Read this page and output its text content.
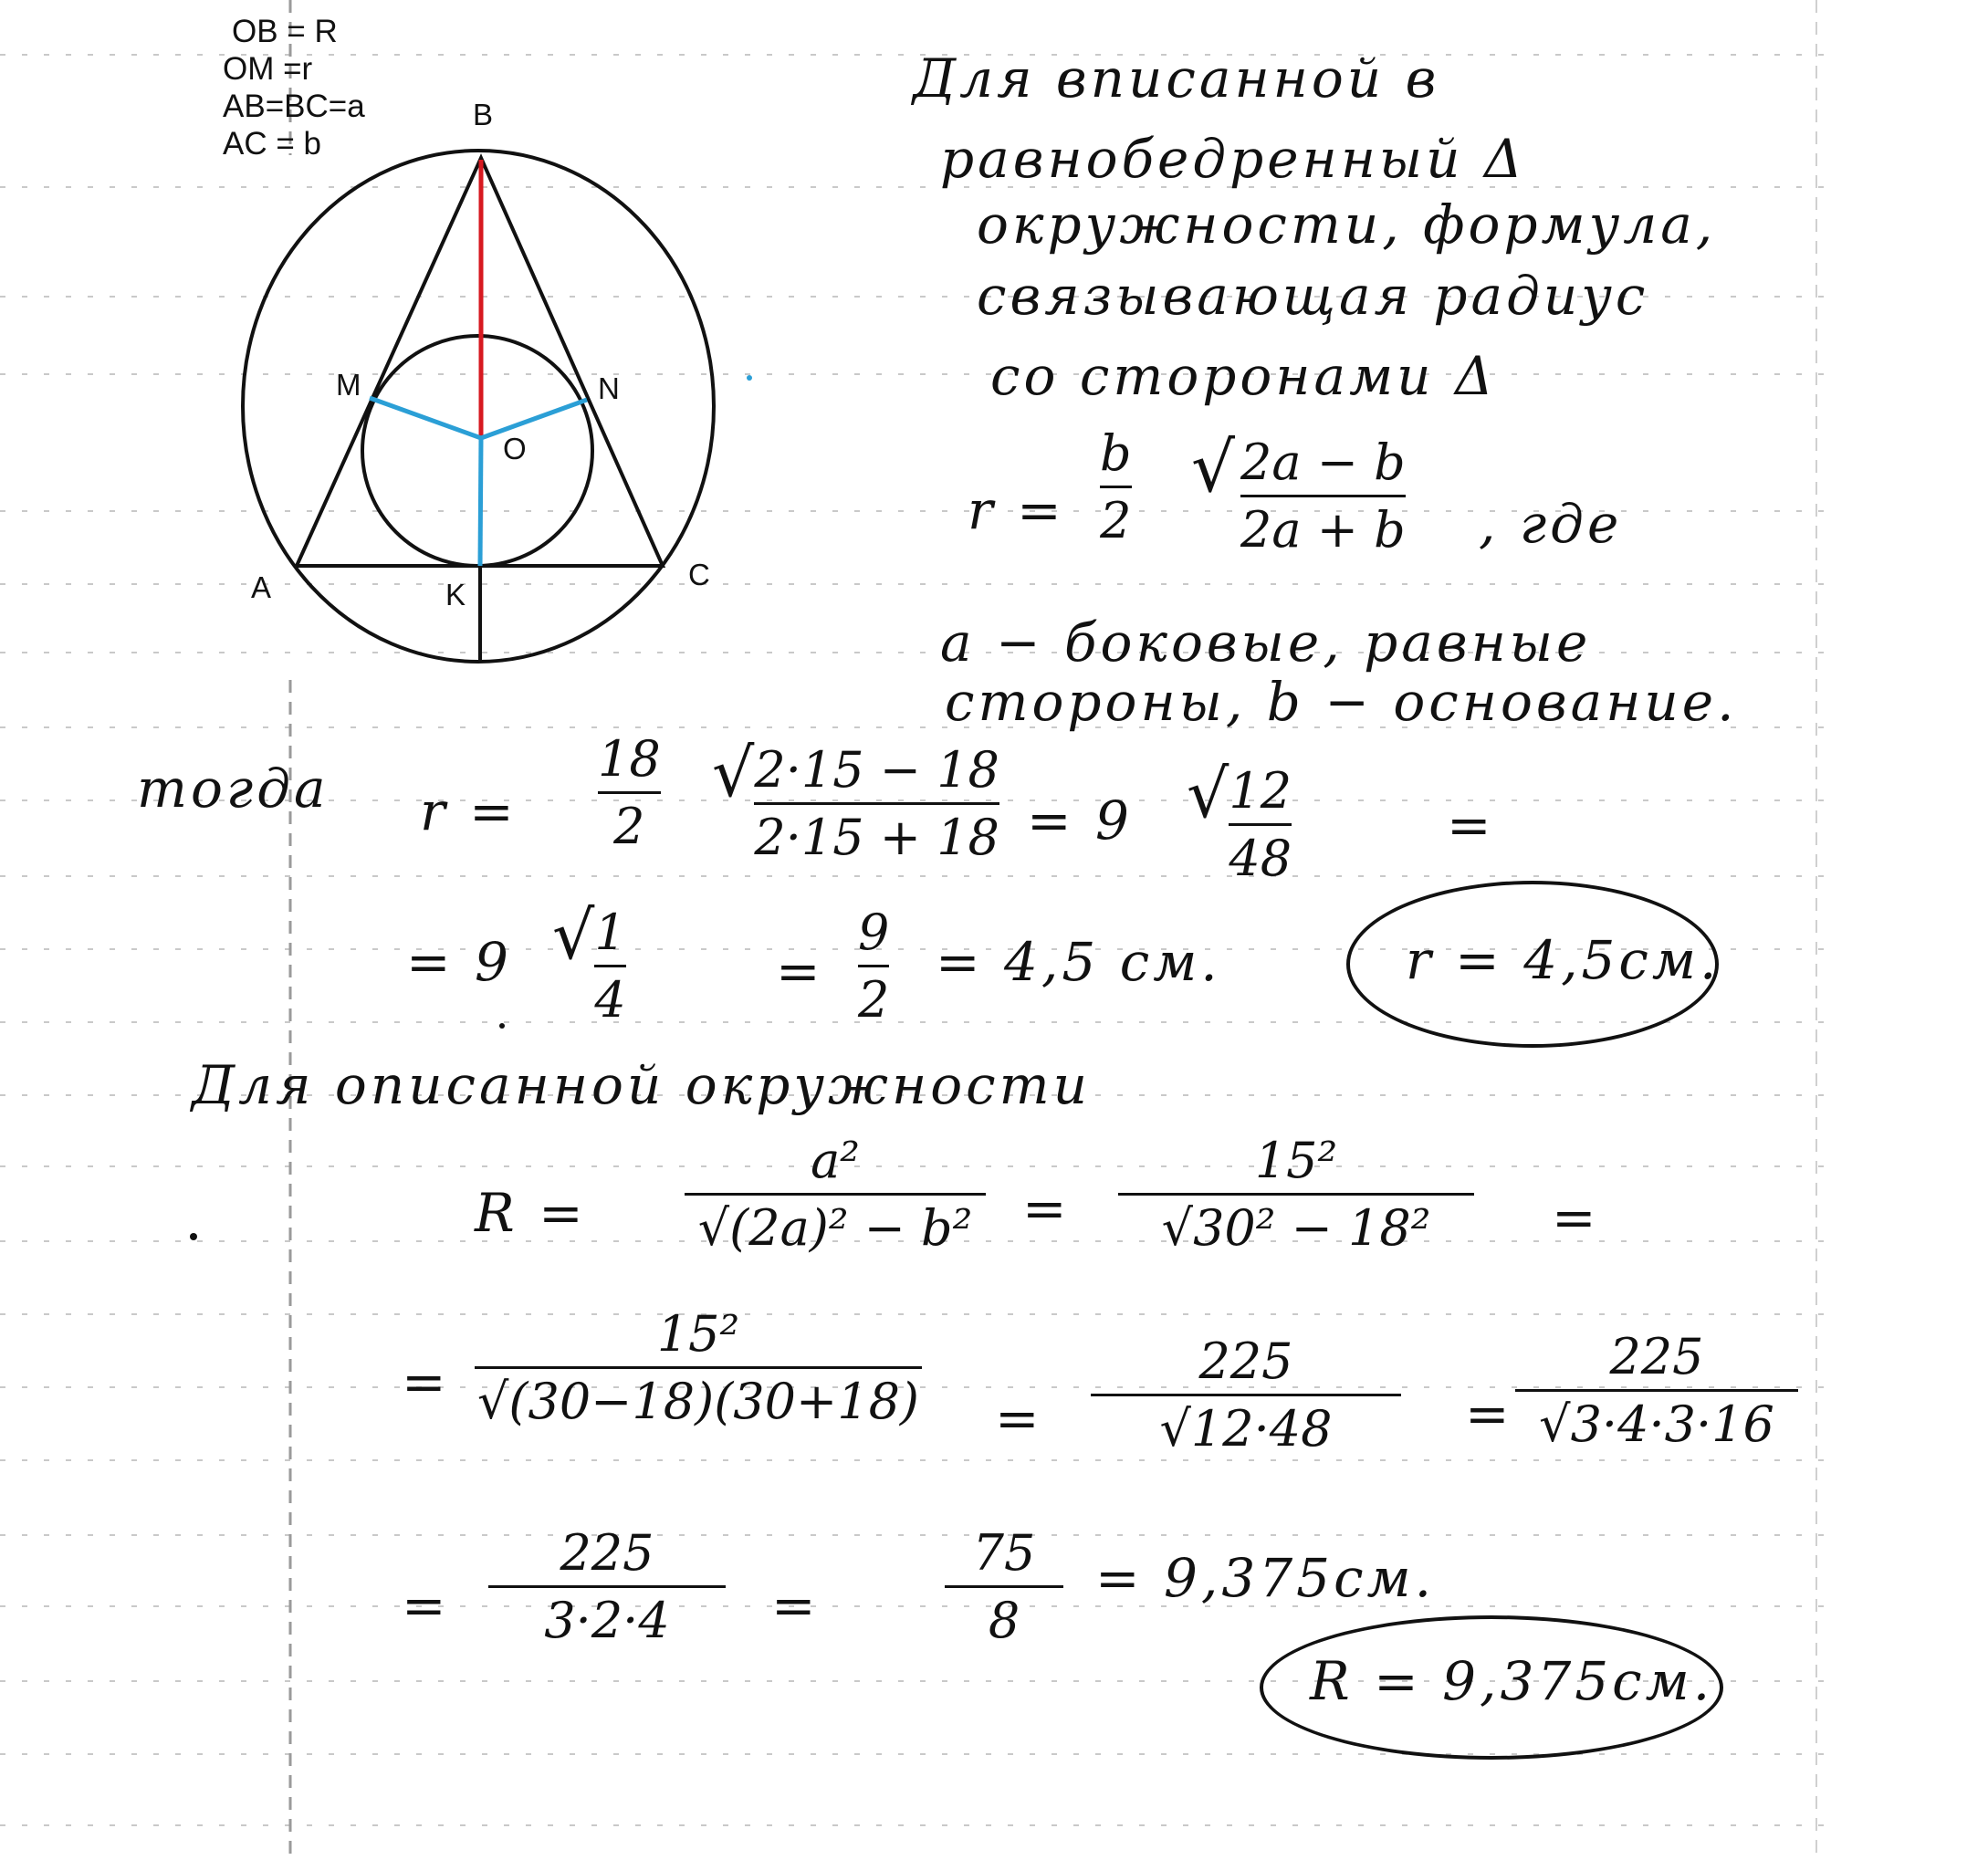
B
M	N
O
A	K
C
OB = R
OM =r
AB=BC=a
AC = b
Для вписанной в
равнобедренный Δ
окружности, формула,
связывающая радиус
со сторонами Δ
r =
b
2
√ 2a − b
2a + b , где
a − боковые, равные
стороны, b − основание.
тогда r =
18
2
√ $\frac{2\cdot 15 - 18}{2\cdot 15 + 18} = 9$ √ $\frac{12}{48}$	=
= 9 √ $\frac{1}{4}$	=
9
2
= 4,5 см.	r = 4,5см.
Для описанной окружности
R =
a²
√ (2a)² − b² =
15²
√ 30² − 18² =
=
15²
√ (30−18)(30+18) =
225
√ 12·48	=
225
√ 3·4·3·16
=
225
3·2·4 =
75
8
= 9,375см.
R = 9,375см.
